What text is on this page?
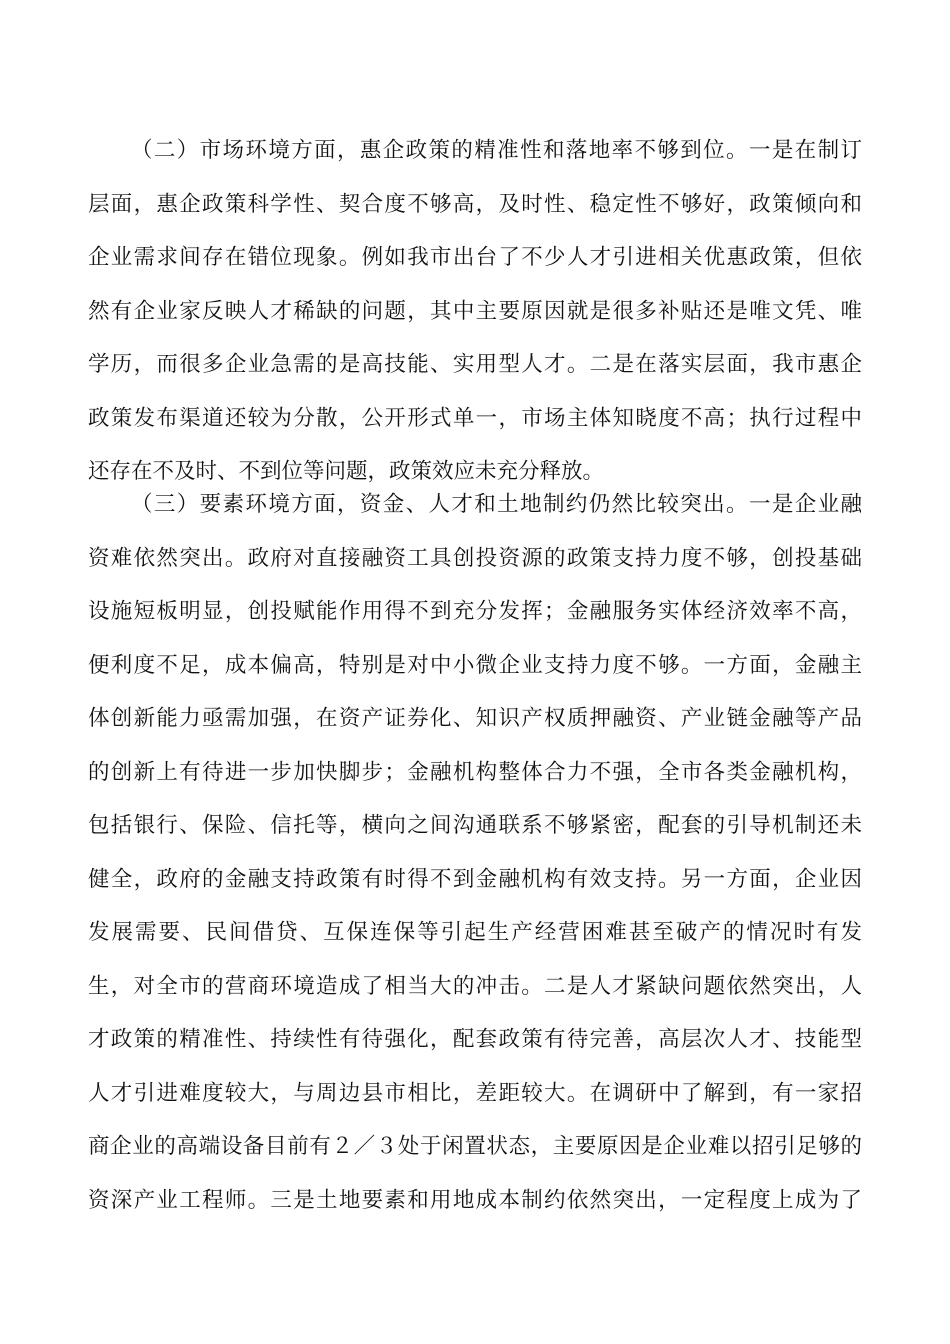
（二）市场环境方面，惠企政策的精准性和落地率不够到位。一是在制订
层面，惠企政策科学性、契合度不够高，及时性、稳定性不够好，政策倾向和
企业需求间存在错位现象。例如我市出台了不少人才引进相关优惠政策，但依
然有企业家反映人才稀缺的问题，其中主要原因就是很多补贴还是唯文凭、唯
学历，而很多企业急需的是高技能、实用型人才。二是在落实层面，我市惠企
政策发布渠道还较为分散，公开形式单一，市场主体知晓度不高；执行过程中
还存在不及时、不到位等问题，政策效应未充分释放。
（三）要素环境方面，资金、人才和土地制约仍然比较突出。一是企业融
资难依然突出。政府对直接融资工具创投资源的政策支持力度不够，创投基础
设施短板明显，创投赋能作用得不到充分发挥；金融服务实体经济效率不高，
便利度不足，成本偏高，特别是对中小微企业支持力度不够。一方面，金融主
体创新能力亟需加强，在资产证券化、知识产权质押融资、产业链金融等产品
的创新上有待进一步加快脚步；金融机构整体合力不强，全市各类金融机构，
包括银行、保险、信托等，横向之间沟通联系不够紧密，配套的引导机制还未
健全，政府的金融支持政策有时得不到金融机构有效支持。另一方面，企业因
发展需要、民间借贷、互保连保等引起生产经营困难甚至破产的情况时有发
生，对全市的营商环境造成了相当大的冲击。二是人才紧缺问题依然突出，人
才政策的精准性、持续性有待强化，配套政策有待完善，高层次人才、技能型
人才引进难度较大，与周边县市相比，差距较大。在调研中了解到，有一家招
商企业的高端设备目前有２／３处于闲置状态，主要原因是企业难以招引足够的
资深产业工程师。三是土地要素和用地成本制约依然突出，一定程度上成为了
